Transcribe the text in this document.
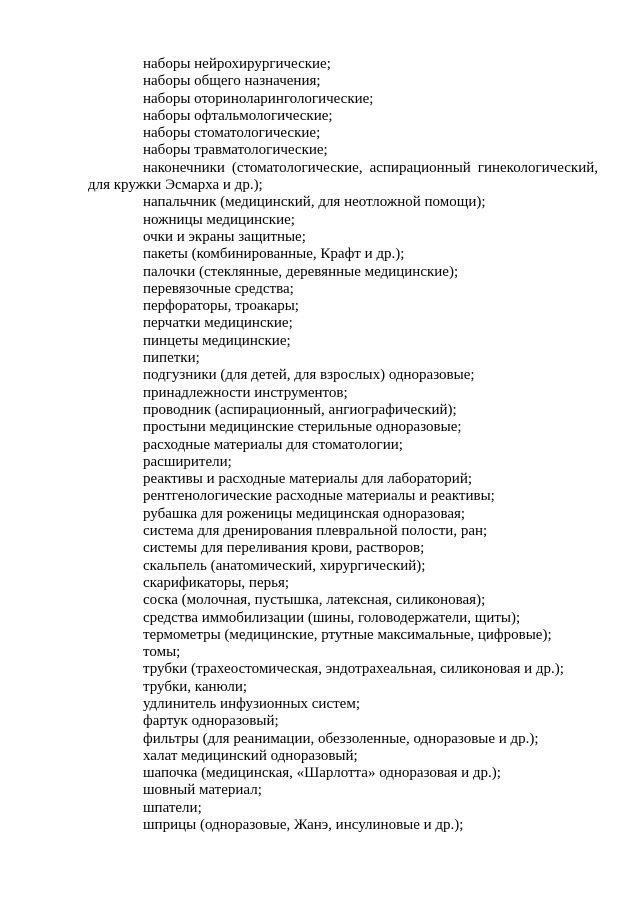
наборы нейрохирургические;

наборы общего назначения;

наборы оториноларингологические;

наборы офтальмологические;

наборы стоматологические;

наборы травматологические;

наконечники (стоматологические, аспирационный гинекологический,

для кружки Эсмарха и др.);

напальчник (медицинский, для неотложной помощи);

ножницы медицинские;

очки и экраны защитные;

пакеты (комбинированные, Крафт и др.);

палочки (стеклянные, деревянные медицинские);

перевязочные средства;

перфораторы, троакары;

перчатки медицинские;

пинцеты медицинские;

пипетки;

подгузники (для детей, для взрослых) одноразовые;

принадлежности инструментов;

проводник (аспирационный, ангиографический);

простыни медицинские стерильные одноразовые;

расходные материалы для стоматологии;

расширители;

реактивы и расходные материалы для лабораторий;

рентгенологические расходные материалы и реактивы;

рубашка для роженицы медицинская одноразовая;

система для дренирования плевральной полости, ран;

системы для переливания крови, растворов;

скальпель (анатомический, хирургический);

скарификаторы, перья;

соска (молочная, пустышка, латексная, силиконовая);

средства иммобилизации (шины, головодержатели, щиты);

термометры (медицинские, ртутные максимальные, цифровые);

томы;

трубки (трахеостомическая, эндотрахеальная, силиконовая и др.);

трубки, канюли;

удлинитель инфузионных систем;

фартук одноразовый;

фильтры (для реанимации, обеззоленные, одноразовые и др.);

халат медицинский одноразовый;

шапочка (медицинская, «Шарлотта» одноразовая и др.);

шовный материал;

шпатели;

шприцы (одноразовые, Жанэ, инсулиновые и др.);
